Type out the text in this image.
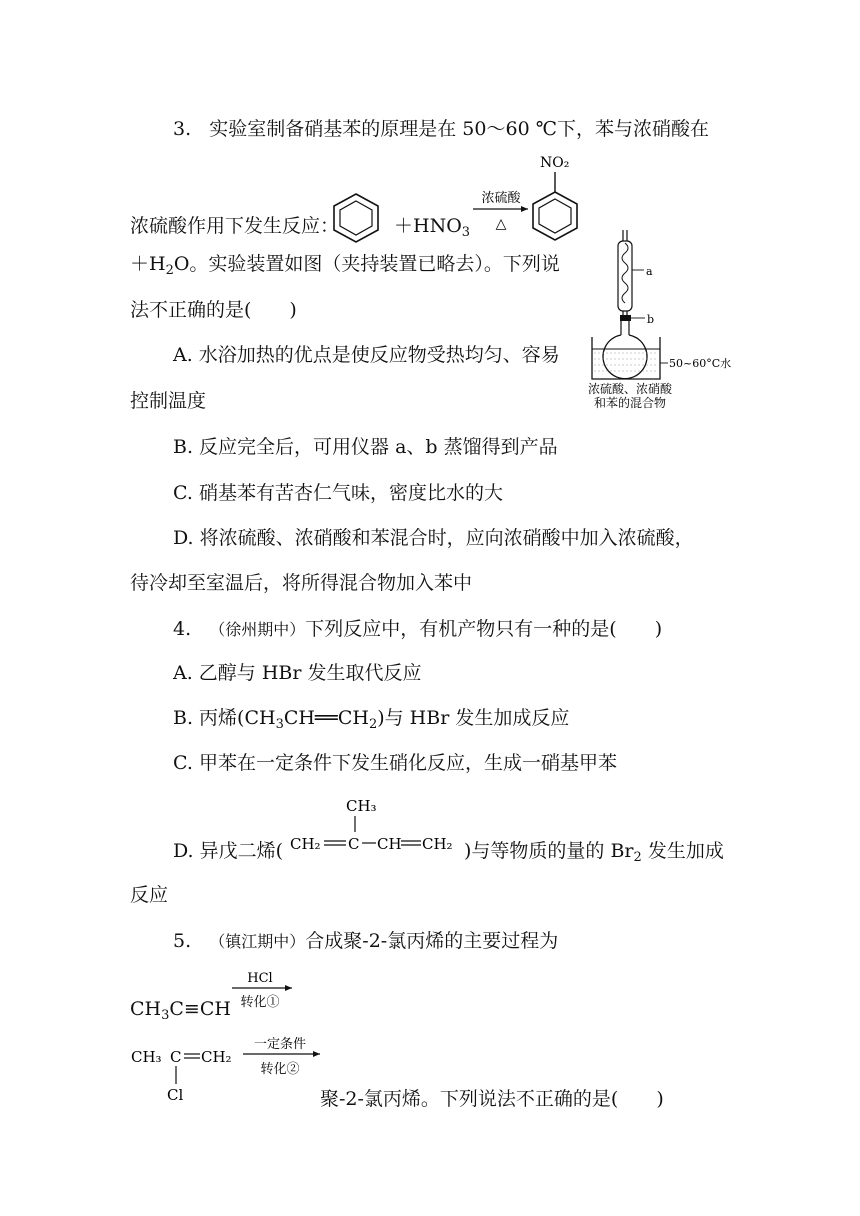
3. 实验室制备硝基苯的原理是在 50～60 ℃下，苯与浓硝酸在
浓硫酸作用下发生反应：	$+HNO_3$
浓硫酸
△
NO₂
$+H_2O$。实验装置如图（夹持装置已略去）。下列说
法不正确的是(　　)
A. 水浴加热的优点是使反应物受热均匀、容易
控制温度
B. 反应完全后，可用仪器 a、b 蒸馏得到产品
C. 硝基苯有苦杏仁气味，密度比水的大
D. 将浓硫酸、浓硝酸和苯混合时，应向浓硝酸中加入浓硫酸，
待冷却至室温后，将所得混合物加入苯中
a
b
50~60°C水
浓硫酸、浓硝酸
和苯的混合物
4. （徐州期中）下列反应中，有机产物只有一种的是(　　)
A. 乙醇与 HBr 发生取代反应
B. 丙烯$(CH_3CH══CH_2)$与 HBr 发生加成反应
C. 甲苯在一定条件下发生硝化反应，生成一硝基甲苯
D. 异戊二烯(
CH₃
CH₂ C CH CH₂ )与等物质的量的 $Br_2$ 发生加成
反应
5. （镇江期中）合成聚-2-氯丙烯的主要过程为
$CH_3C\equiv CH$
HCl
转化①
CH₃ C CH₂
Cl
一定条件
转化②
聚-2-氯丙烯。下列说法不正确的是(　　)
